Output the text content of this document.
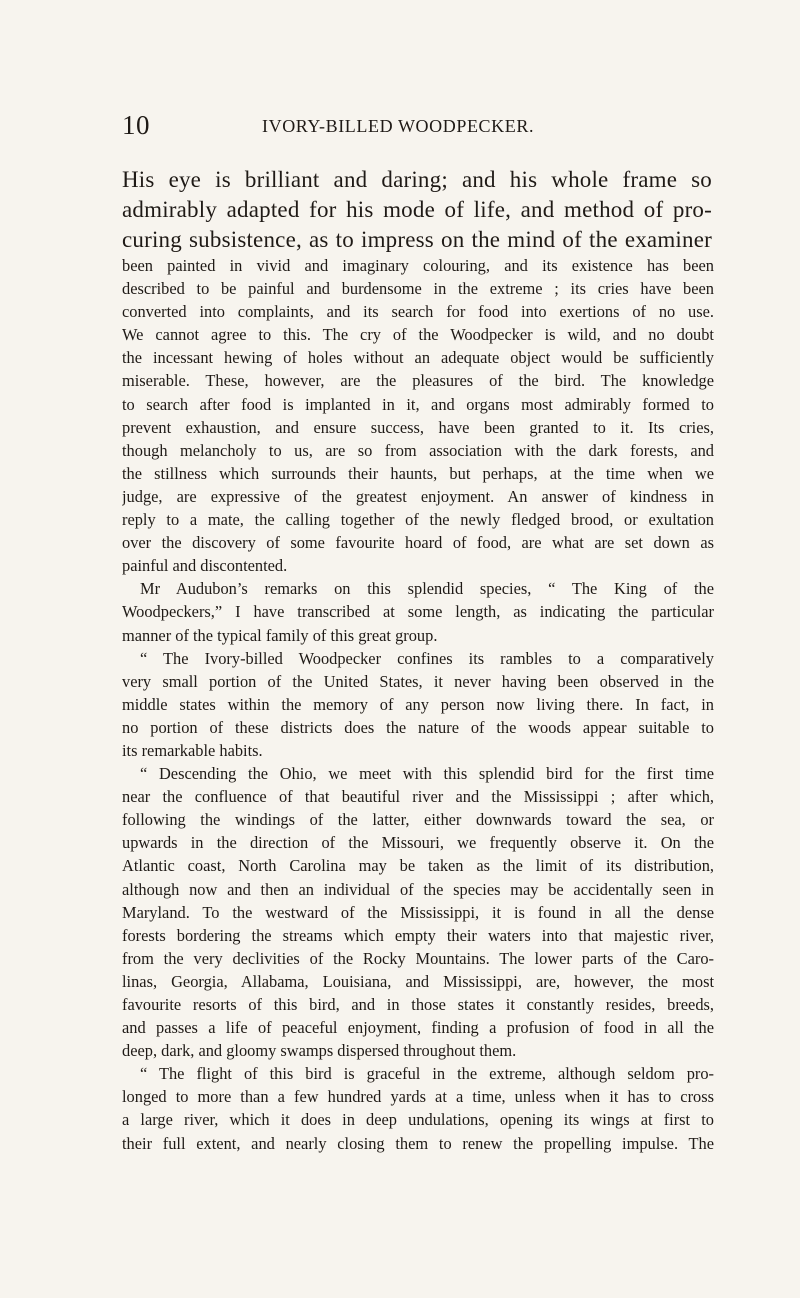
10	IVORY-BILLED WOODPECKER.
His eye is brilliant and daring; and his whole frame so
admirably adapted for his mode of life, and method of pro-
curing subsistence, as to impress on the mind of the examiner
been painted in vivid and imaginary colouring, and its existence has been
described to be painful and burdensome in the extreme ; its cries have been
converted into complaints, and its search for food into exertions of no use.
We cannot agree to this. The cry of the Woodpecker is wild, and no doubt
the incessant hewing of holes without an adequate object would be sufficiently
miserable. These, however, are the pleasures of the bird. The knowledge
to search after food is implanted in it, and organs most admirably formed to
prevent exhaustion, and ensure success, have been granted to it. Its cries,
though melancholy to us, are so from association with the dark forests, and
the stillness which surrounds their haunts, but perhaps, at the time when we
judge, are expressive of the greatest enjoyment. An answer of kindness in
reply to a mate, the calling together of the newly fledged brood, or exultation
over the discovery of some favourite hoard of food, are what are set down as
painful and discontented.
Mr Audubon’s remarks on this splendid species, “ The King of the
Woodpeckers,” I have transcribed at some length, as indicating the particular
manner of the typical family of this great group.
“ The Ivory-billed Woodpecker confines its rambles to a comparatively
very small portion of the United States, it never having been observed in the
middle states within the memory of any person now living there. In fact, in
no portion of these districts does the nature of the woods appear suitable to
its remarkable habits.
“ Descending the Ohio, we meet with this splendid bird for the first time
near the confluence of that beautiful river and the Mississippi ; after which,
following the windings of the latter, either downwards toward the sea, or
upwards in the direction of the Missouri, we frequently observe it. On the
Atlantic coast, North Carolina may be taken as the limit of its distribution,
although now and then an individual of the species may be accidentally seen in
Maryland. To the westward of the Mississippi, it is found in all the dense
forests bordering the streams which empty their waters into that majestic river,
from the very declivities of the Rocky Mountains. The lower parts of the Caro-
linas, Georgia, Allabama, Louisiana, and Mississippi, are, however, the most
favourite resorts of this bird, and in those states it constantly resides, breeds,
and passes a life of peaceful enjoyment, finding a profusion of food in all the
deep, dark, and gloomy swamps dispersed throughout them.
“ The flight of this bird is graceful in the extreme, although seldom pro-
longed to more than a few hundred yards at a time, unless when it has to cross
a large river, which it does in deep undulations, opening its wings at first to
their full extent, and nearly closing them to renew the propelling impulse. The
